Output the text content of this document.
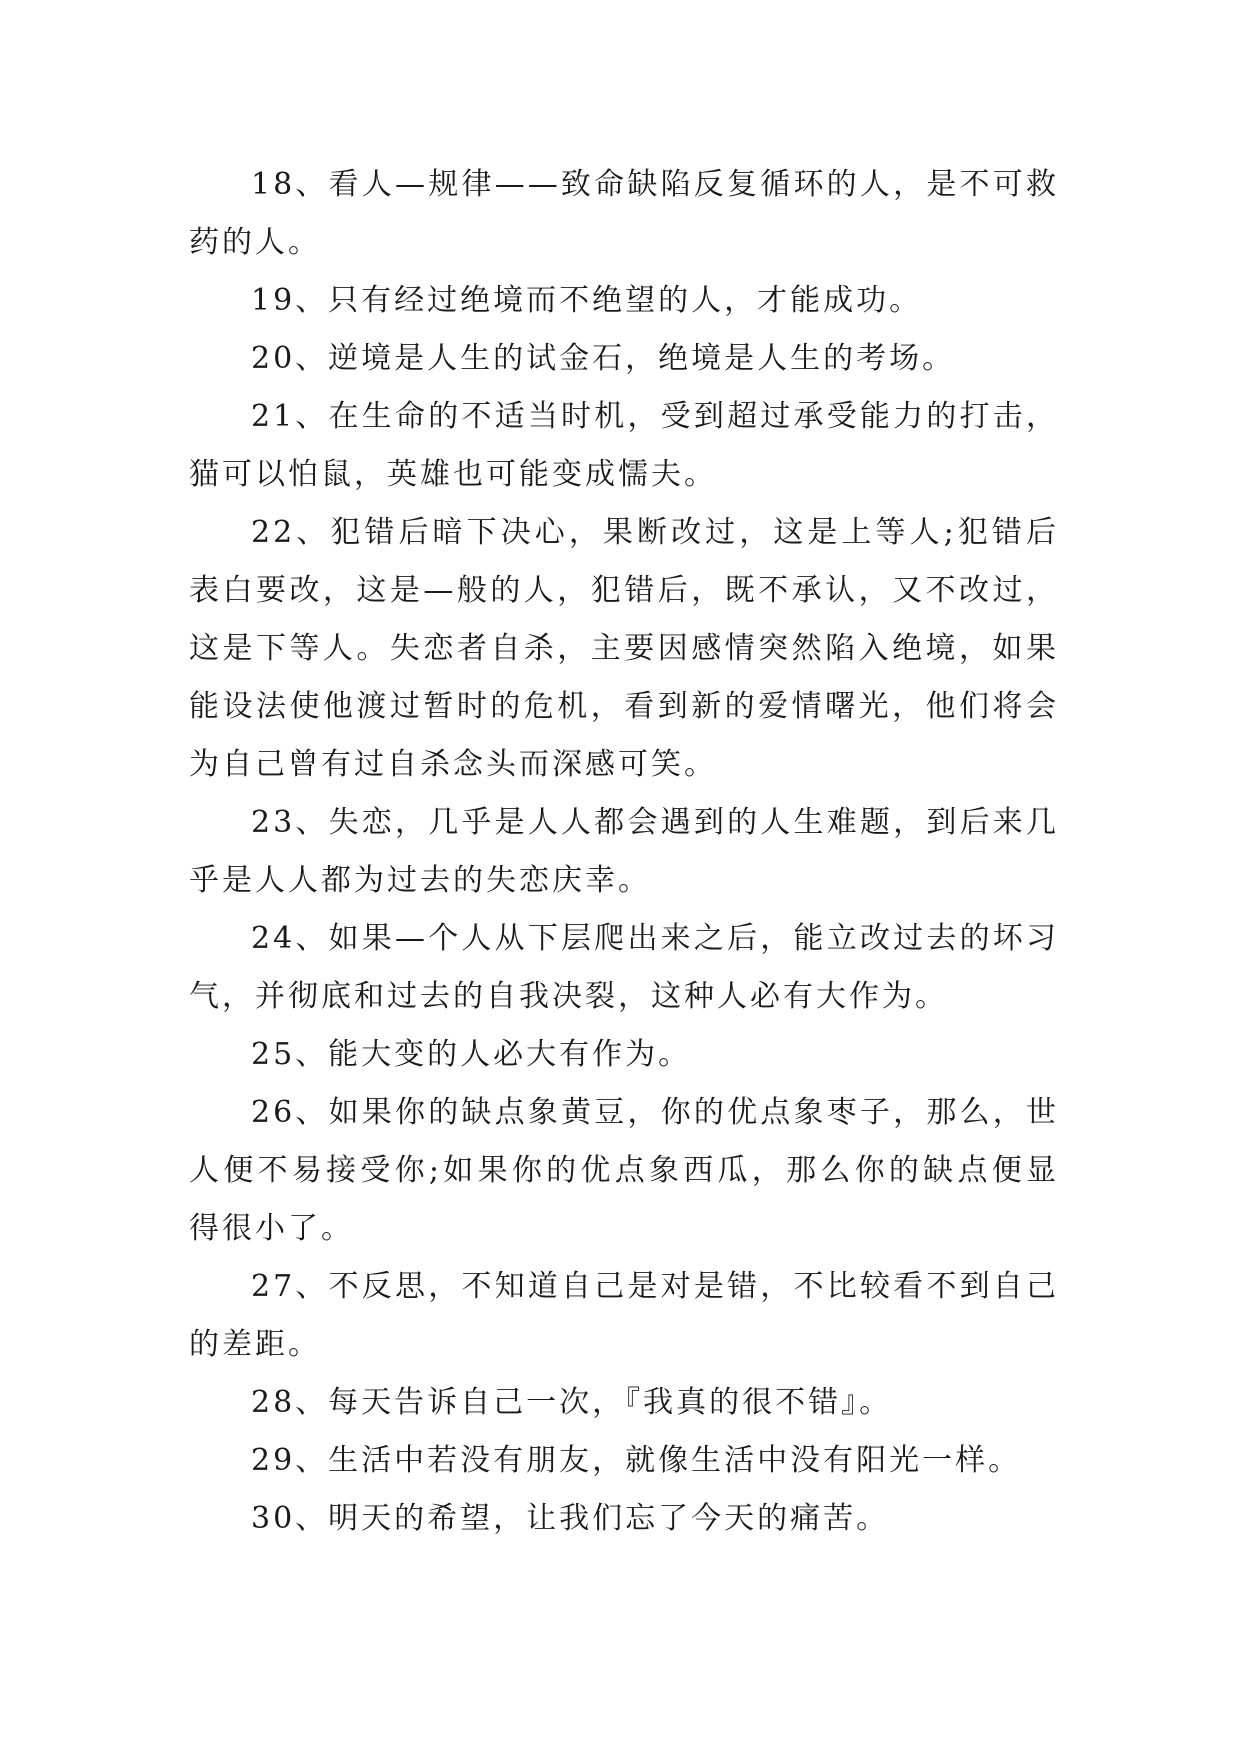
18、看人—规律——致命缺陷反复循环的人，是不可救药的人。

19、只有经过绝境而不绝望的人，才能成功。

20、逆境是人生的试金石，绝境是人生的考场。

21、在生命的不适当时机，受到超过承受能力的打击，猫可以怕鼠，英雄也可能变成懦夫。

22、犯错后暗下决心，果断改过，这是上等人;犯错后表白要改，这是—般的人，犯错后，既不承认，又不改过，这是下等人。失恋者自杀，主要因感情突然陷入绝境，如果能设法使他渡过暂时的危机，看到新的爱情曙光，他们将会为自己曾有过自杀念头而深感可笑。

23、失恋，几乎是人人都会遇到的人生难题，到后来几乎是人人都为过去的失恋庆幸。

24、如果—个人从下层爬出来之后，能立改过去的坏习气，并彻底和过去的自我决裂，这种人必有大作为。

25、能大变的人必大有作为。

26、如果你的缺点象黄豆，你的优点象枣子，那么，世人便不易接受你;如果你的优点象西瓜，那么你的缺点便显得很小了。

27、不反思，不知道自己是对是错，不比较看不到自己的差距。

28、每天告诉自己一次，『我真的很不错』。

29、生活中若没有朋友，就像生活中没有阳光一样。

30、明天的希望，让我们忘了今天的痛苦。
